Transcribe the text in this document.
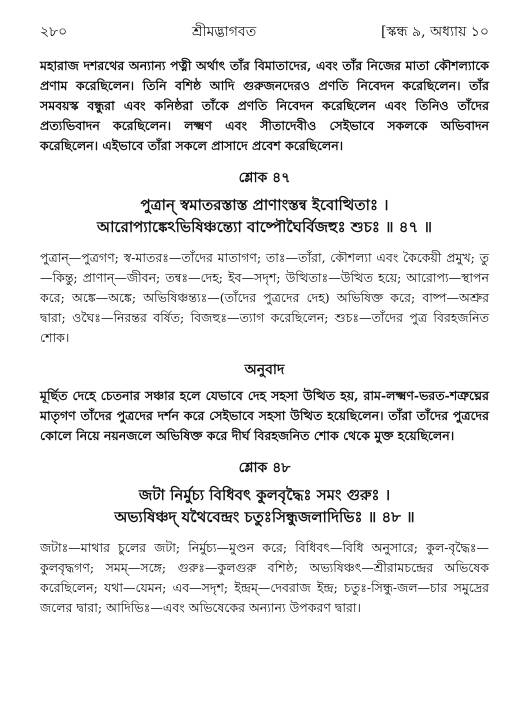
২৮০	শ্রীমদ্ভাগবত	[স্কন্ধ ৯, অধ্যায় ১০

মহারাজ দশরথের অন্যান্য পত্নী অর্থাৎ তাঁর বিমাতাদের, এবং তাঁর নিজের মাতা কৌশল্যাকে প্রণাম করেছিলেন। তিনি বশিষ্ঠ আদি গুরুজনদেরও প্রণতি নিবেদন করেছিলেন। তাঁর সমবয়স্ক বন্ধুরা এবং কনিষ্ঠরা তাঁকে প্রণতি নিবেদন করেছিলেন এবং তিনিও তাঁদের প্রত্যভিবাদন করেছিলেন। লক্ষ্মণ এবং সীতাদেবীও সেইভাবে সকলকে অভিবাদন করেছিলেন। এইভাবে তাঁরা সকলে প্রাসাদে প্রবেশ করেছিলেন।

শ্লোক ৪৭
পুত্রান্ স্বমাতরস্তাস্ত প্রাণাংস্তন্ব ইবোত্থিতাঃ ।
আরোপ্যাঙ্কেঽভিষিঞ্চন্ত্যো বাষ্পৌঘৈর্বিজহুঃ শুচঃ ॥ ৪৭ ॥
পুত্রান্—পুত্রগণ; স্ব-মাতরঃ—তাঁদের মাতাগণ; তাঃ—তাঁরা, কৌশল্যা এবং কৈকেয়ী প্রমুখ; তু—কিন্তু; প্রাণান্—জীবন; তন্বঃ—দেহ; ইব—সদৃশ; উত্থিতাঃ—উত্থিত হয়ে; আরোপ্য—স্থাপন করে; অঙ্কে—অঙ্কে; অভিষিঞ্চন্ত্যঃ—(তাঁদের পুত্রদের দেহ) অভিষিক্ত করে; বাষ্প—অশ্রুর দ্বারা; ওঘৈঃ—নিরন্তর বর্ষিত; বিজহুঃ—ত্যাগ করেছিলেন; শুচঃ—তাঁদের পুত্র বিরহজনিত শোক।
অনুবাদ

মূর্ছিত দেহে চেতনার সঞ্চার হলে যেভাবে দেহ সহসা উত্থিত হয়, রাম-লক্ষ্মণ-ভরত-শত্রুঘ্নের মাতৃগণ তাঁদের পুত্রদের দর্শন করে সেইভাবে সহসা উত্থিত হয়েছিলেন। তাঁরা তাঁদের পুত্রদের কোলে নিয়ে নয়নজলে অভিষিক্ত করে দীর্ঘ বিরহজনিত শোক থেকে মুক্ত হয়েছিলেন।

শ্লোক ৪৮
জটা নির্মুচ্য বিধিবৎ কুলবৃদ্ধৈঃ সমং গুরুঃ ।
অভ্যষিঞ্চদ্ যথৈবেন্দ্রং চতুঃসিন্ধুজলাদিভিঃ ॥ ৪৮ ॥
জটাঃ—মাথার চুলের জটা; নির্মুচ্য—মুণ্ডন করে; বিধিবৎ—বিধি অনুসারে; কুল-বৃদ্ধৈঃ—কুলবৃদ্ধগণ; সমম্—সঙ্গে; গুরুঃ—কুলগুরু বশিষ্ঠ; অভ্যষিঞ্চৎ—শ্রীরামচন্দ্রের অভিষেক করেছিলেন; যথা—যেমন; এব—সদৃশ; ইন্দ্রম্—দেবরাজ ইন্দ্র; চতুঃ-সিন্ধু-জল—চার সমুদ্রের জলের দ্বারা; আদিভিঃ—এবং অভিষেকের অন্যান্য উপকরণ দ্বারা।
